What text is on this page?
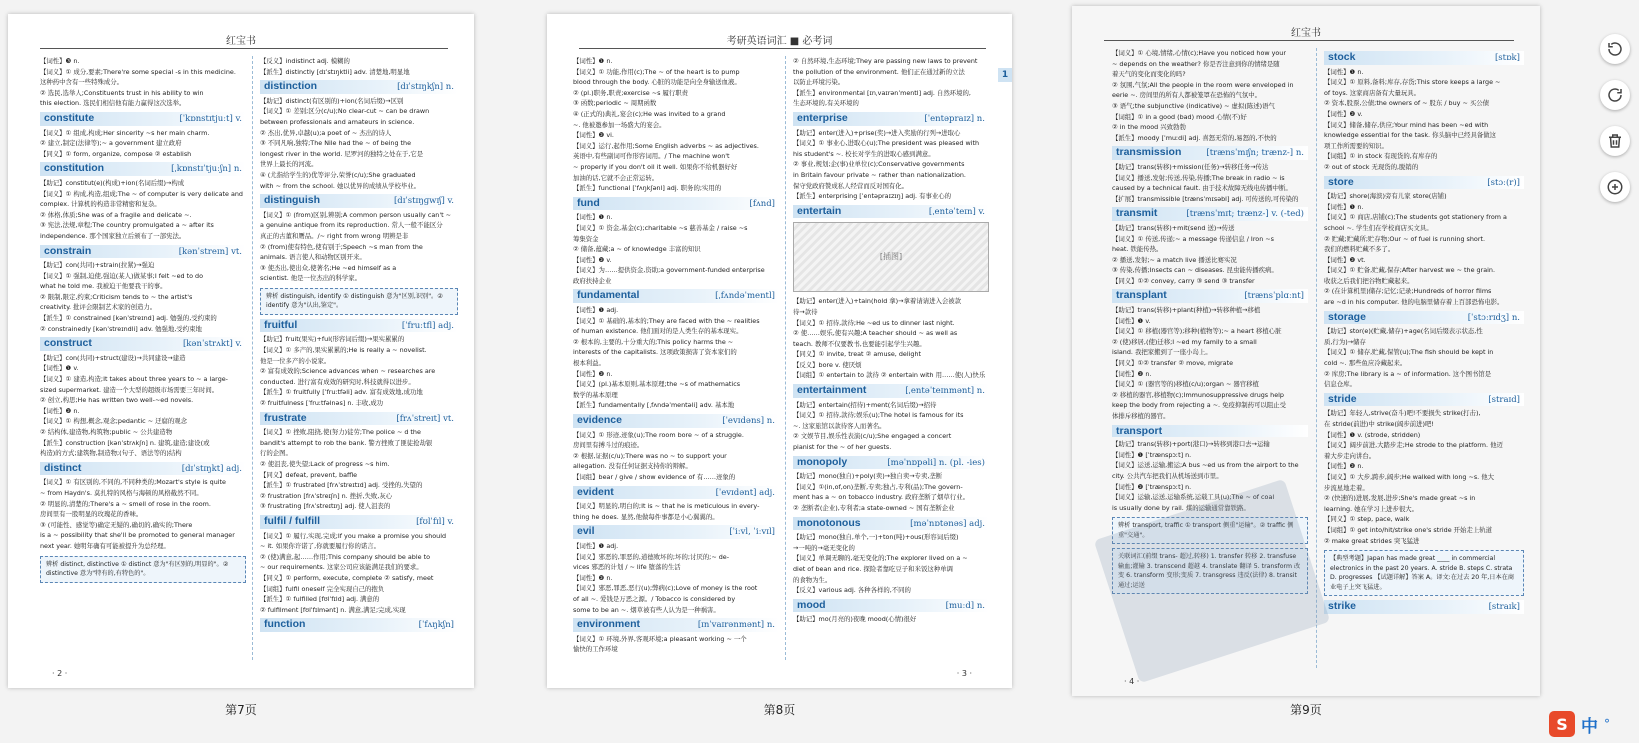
红宝书
【词性】❸ n.
【词义】① 成分,要素;There're some special -s in this medicine.
这种药中含有一些特殊成分。
② 选民,选举人;Constituents trust in his ability to win
this election. 选民们相信他有能力赢得这次选举。
constitute	[ˈkɒnstɪtjuːt] v.
【词义】① 组成,构成;Her sincerity ~s her main charm.
② 建立,制定(法律等);~ a government 建立政府
【同义】① form, organize, compose ② establish
constitution	[ˌkɒnstɪˈtjuːʃn] n.
【助记】constitut(e)(构成)+ion(名词后缀)→构成
【词义】① 构成,构造,组成;The ~ of computer is very delicate and
complex. 计算机的构造非常精密和复杂。
② 体格,体质;She was of a fragile and delicate ~.
③ 宪法,法规,章程;The country promulgated a ~ after its
independence. 那个国家独立后颁布了一部宪法。
constrain	[kənˈstreɪn] vt.
【助记】con(共同)+strain(拉紧)→强迫
【词义】① 强制,迫使,强迫(某人)做某事;I felt ~ed to do
what he told me. 我被迫干他要我干的事。
② 限制,限定,约束;Criticism tends to ~ the artist's
creativity. 批评会限制艺术家的创造力。
【派生】① constrained [kənˈstreɪnd] adj. 勉强的,受约束的
② constrainedly [kənˈstreɪndli] adv. 勉强地,受约束地
construct	[kənˈstrʌkt] v.
【助记】con(共同)+struct(建设)→共同建设→建造
【词性】❶ v.
【词义】① 建造,构造;It takes about three years to ~ a large-
sized supermarket. 建造一个大型的超级市场需要三年时间。
② 创立,构思;He has written two well-~ed novels.
【词性】❷ n.
【词义】① 构想,概念,观念;pedantic ~ 迂腐的观念
② 结构体,建造物,构筑物;public ~ 公共建造物
【派生】construction [kənˈstrʌkʃn] n. 建筑,建造;建设(或
构造)的方式;建筑物,制造物;(句子、语法等的)结构
distinct	[dɪˈstɪŋkt] adj.
【词义】① 有区别的,不同的,不同种类的;Mozart's style is quite
~ from Haydn's. 莫扎特的风格与海顿的风格截然不同。
② 明显的,清楚的;There's a ~ smell of rose in the room.
房间里有一股明显的玫瑰花的香味。
③ (可能性、感觉等)确定无疑的,确切的,确实的;There
is a ~ possibility that she'll be promoted to general manager
next year. 她明年确有可能被提升为总经理。
辨析 distinct, distinctive ① distinct 意为"有区别的,明显的"。② distinctive 意为"特有的,有特色的"。
【反义】indistinct adj. 模糊的
【派生】distinctly [dɪˈstɪŋktli] adv. 清楚地,明显地
distinction	[dɪˈstɪŋkʃn] n.
【助记】distinct(有区别的)+ion(名词后缀)→区别
【词义】① 差别;区分(c/u);No clear-cut ~ can be drawn
between professionals and amateurs in science.
② 杰出,优异,卓越(u);a poet of ~ 杰出的诗人
③ 不同凡响,独特;The Nile had the ~ of being the
longest river in the world. 尼罗河的独特之处在于,它是
世界上最长的河流。
④ (尤指给学生的)优等评分,荣誉(c/u);She graduated
with ~ from the school. 她以优异的成绩从学校毕业。
distinguish	[dɪˈstɪŋɡwɪʃ] v.
【词义】① (from)区别,辨别;A common person usually can't ~
a genuine antique from its reproduction. 常人一般不能区分
真正的古董和赝品。/~ right from wrong 明辨是非
② (from)使有特色,使有别于;Speech ~s man from the
animals. 语言使人和动物区别开来。
③ 使杰出,使出众,使著名;He ~ed himself as a
scientist. 他是一位杰出的科学家。
辨析 distinguish, identify ① distinguish 意为"区别,识别"。② identify 意为"认出,鉴定"。
fruitful	[ˈfruːtfl] adj.
【助记】fruit(果实)+ful(形容词后缀)→果实累累的
【词义】① 多产的,果实累累的;He is really a ~ novelist.
他是一位多产的小说家。
② 富有成效的;Science advances when ~ researches are
conducted. 进行富有成效的研究时,科技就得以进步。
【派生】① fruitfully [ˈfruːtfəli] adv. 富有成效地,成功地
② fruitfulness [ˈfruːtfəlnəs] n. 丰收,成功
frustrate	[frʌˈstreɪt] vt.
【词义】① 挫败,阻挠,使(努力)徒劳;The police ~ d the
bandit's attempt to rob the bank. 警方挫败了匪徒抢劫银
行的企图。
② 使沮丧,使失望;Lack of progress ~s him.
【同义】defeat, prevent, baffle
【派生】① frustrated [frʌˈstreɪtɪd] adj. 受挫的,失望的
② frustration [frʌˈstreɪʃn] n. 挫折,失败,灰心
③ frustrating [frʌˈstreɪtɪŋ] adj. 使人沮丧的
fulfil / fulfill	[fʊlˈfɪl] v.
【词义】① 履行,实现,完成;If you make a promise you should
~ it. 如果你许诺了,你就要履行你的诺言。
② (使)满意,起……作用;This company should be able to
~ our requirements. 这家公司应该能满足我们的要求。
【同义】① perform, execute, complete ② satisfy, meet
【词组】fulfil oneself 完全实现自己的抱负
【派生】① fulfilled [fʊlˈfɪld] adj. 满意的
② fulfilment [fʊlˈfɪlmənt] n. 满意,满足;完成,实现
function	[ˈfʌŋkʃn]
· 2 ·
第7页
考研英语词汇 ■ 必考词
1
【词性】❶ n.
【词义】① 功能,作用(c);The ~ of the heart is to pump
blood through the body. 心脏的功能是向全身输送血液。
② (pl.)职务,职责;exercise ~s 履行职责
③ 函数;periodic ~ 周期函数
④ (正式的)典礼,宴会(c);He was invited to a grand
~. 他被邀参加一场盛大的宴会。
【词性】❷ vi.
【词义】运行,起作用;Some English adverbs ~ as adjectives.
英语中,有些副词可作形容词用。/ The machine won't
~ properly if you don't oil it well. 如果你不给机器好好
加油的话,它就不会正常运转。
【派生】functional [ˈfʌŋkʃənl] adj. 职务的;实用的
fund	[fʌnd]
【词性】❶ n.
【词义】① 资金,基金(c);charitable ~s 慈善基金 / raise ~s
筹集资金
② 储备,蕴藏;a ~ of knowledge 丰富的知识
【词性】❷ v.
【词义】为……提供资金,资助;a government-funded enterprise
政府扶持企业
fundamental	[ˌfʌndəˈmentl]
【词性】❶ adj.
【词义】① 基础的,基本的;They are faced with the ~ realities
of human existence. 他们面对的是人类生存的基本现实。
② 根本的,主要的,十分重大的;This policy harms the ~
interests of the capitalists. 这项政策损害了资本家们的
根本利益。
【词性】❷ n.
【词义】(pl.)基本原则,基本原理;the ~s of mathematics
数学的基本原理
【派生】fundamentally [ˌfʌndəˈmentəli] adv. 基本地
evidence	[ˈevɪdəns] n.
【词义】① 形迹,迹象(u);The room bore ~ of a struggle.
房间里有搏斗过的痕迹。
② 根据,证据(c/u);There was no ~ to support your
allegation. 没有任何证据支持你的辩解。
【词组】bear / give / show evidence of 有……迹象的
evident	[ˈevɪdənt] adj.
【词义】明显的,明白的;It is ~ that he is meticulous in every-
thing he does. 显然,他做每件事都是小心翼翼的。
evil	[ˈiːvl, ˈiːvɪl]
【词性】❶ adj.
【词义】邪恶的,罪恶的,道德败坏的;坏的;讨厌的;~ de-
vices 邪恶的计划 / ~ life 堕落的生活
【词性】❷ n.
【词义】邪恶,罪恶,恶行(u);弊病(c);Love of money is the root
of all ~. 爱钱是万恶之源。/ Tobacco is considered by
some to be an ~. 烟草被有些人认为是一种祸害。
environment	[ɪnˈvaɪrənmənt] n.
【词义】① 环境,外界,客观环境;a pleasant working ~ 一个
愉快的工作环境
② 自然环境,生态环境;They are passing new laws to prevent
the pollution of the environment. 他们正在通过新的立法
以防止环境污染。
【派生】environmental [ɪnˌvaɪrənˈmentl] adj. 自然环境的,
生态环境的,有关环境的
enterprise	[ˈentəpraɪz] n.
【助记】enter(进入)+prise(奖)→进入奖励的行列→进取心
【词义】① 事业心,进取心(u);The president was pleased with
his student's ~. 校长对学生的进取心感到满意。
② 事业,规划;企(事)业单位(c);Conservative governments
in Britain favour private ~ rather than nationalization.
保守党政府赞成私人经营而反对国有化。
【派生】enterprising [ˈentəpraɪzɪŋ] adj. 有事业心的
entertain	[ˌentəˈteɪn] v.
[插图]
【助记】enter(进入)+tain(hold 拿)→拿着请请进入会被款
待→款待
【词义】① 招待,款待;He ~ed us to dinner last night.
② 使……娱乐,使有兴趣;A teacher should ~ as well as
teach. 教师不仅要教书,也要能引起学生兴趣。
【同义】① invite, treat ② amuse, delight
【反义】bore v. 使厌烦
【词组】① entertain to 款待 ② entertain with 用……使(人)快乐
entertainment	[ˌentəˈteɪnmənt] n.
【助记】entertain(招待)+ment(名词后缀)→招待
【词义】① 招待,款待;娱乐(u);The hotel is famous for its
~. 这家旅馆以款待客人而著名。
② 文娱节目,娱乐性表演(c/u);She engaged a concert
pianist for the ~ of her guests.
monopoly	[məˈnɒpəli] n. (pl. -ies)
【助记】mono(独自)+poly(卖)→独自卖→专卖,垄断
【词义】①(in,of,on)垄断,专卖;独占,专利(品);The govern-
ment has a ~ on tobacco industry. 政府垄断了烟草行业。
② 垄断者(企业),专利者;a state-owned ~ 国有垄断企业
monotonous	[məˈnɒtənəs] adj.
【助记】mono(独自,单个,一)+ton(吨)+ous(形容词后缀)
→一吨的→毫无变化的
【词义】单调无聊的,毫无变化的;The explorer lived on a ~
diet of bean and rice. 探险者靠吃豆子和米饭这种单调
的食物为生。
【反义】various adj. 各种各样的,不同的
mood	[muːd] n.
【助记】mo(月亮的)夜晚 mood(心情)很好
· 3 ·
第8页
红宝书
【词义】① 心境,情绪,心情(c);Have you noticed how your
~ depends on the weather? 你是否注意到你的情绪是随
着天气的变化而变化的吗?
② 氛围,气氛;All the people in the room were enveloped in
eerie ~. 房间里的所有人都被笼罩在恐怖的气氛中。
③ 语气;the subjunctive (indicative) ~ 虚拟(陈述)语气
【词组】① in a good (bad) mood 心情(不)好
② in the mood 兴致勃勃
【派生】moody [ˈmuːdi] adj. 喜怒无常的,易怒的,不快的
transmission	[trænsˈmɪʃn; trænz-] n.
【助记】trans(转移)+mission(任务)→转移任务→传达
【词义】播送,发射;传送,传染,传播;The break in radio ~ is
caused by a technical fault. 由于技术故障无线电传播中断。
【扩展】transmissible [trænsˈmɪsəbl] adj. 可传送的,可传染的
transmit	[trænsˈmɪt; trænz-] v. (-ted)
【助记】trans(转移)+mit(send 送)→传送
【词义】① 传送,传递;~ a message 传递信息 / Iron ~s
heat. 铁能传热。
② 播送,发射;~ a match live 播送比赛实况
③ 传染,传播;Insects can ~ diseases. 昆虫能传播疾病。
【同义】①② convey, carry ③ send ③ transfer
transplant	[trænsˈplɑːnt]
【助记】trans(转移)+plant(种植)→转移种植→移植
【词性】❶ v.
【词义】① 移植(器官等);移种(植物等);~ a heart 移植心脏
② (使)移居,(使)迁移;I ~ed my family to a small
island. 我把家搬到了一座小岛上。
【同义】①② transfer ② move, migrate
【词性】❷ n.
【词义】① (器官等的)移植(c/u);organ ~ 器官移植
② 移植的器官,移植物(c);Immunosuppressive drugs help
keep the body from rejecting a ~. 免疫抑制药可以阻止受
体排斥移植的器官。
transport
【助记】trans(转移)+port(港口)→转移到港口去→运输
【词性】❶ [ˈtrænspɔːt] n.
【词义】运送,运输,搬运;A bus ~ed us from the airport to the
city. 公共汽车把我们从机场送到市里。
【词性】❷ [ˈtrænspɔːt] n.
【词义】运输,运送,运输系统,运载工具(u);The ~ of coal
is usually done by rail. 煤的运输通常靠铁路。
辨析 transport, traffic ① transport 侧重"运输"。② traffic 侧重"交通"。
关联词汇(前缀 trans- 超过,转移) 1. transfer 转移 2. transfuse 输血;灌输 3. transcend 超越 4. translate 翻译 5. transform 改变 6. transform 变形;变质 7. transgress 违反(法律) 8. transit 通过;运送
stock	[stɒk]
【词性】❶ n.
【词义】① 原料,备料;库存,存货;This store keeps a large ~
of toys. 这家商店备有大量玩具。
② 资本,股票,公债;the owners of ~ 股东 / buy ~ 买公债
【词性】❷ v.
【词义】储备,储存,供应;Your mind has been ~ed with
knowledge essential for the task. 你头脑中已经具备做这
项工作所需要的知识。
【词组】① in stock 有现货的,有库存的
② out of stock 无现货的,脱销的
store	[stɔː(r)]
【助记】shore(海滨)旁有儿家 store(店铺)
【词性】❶ n.
【词义】① 商店,店铺(c);The students got stationery from a
school ~. 学生们在学校商店买文具。
② 贮藏;贮藏所;贮存物;Our ~ of fuel is running short.
我们的燃料贮藏不多了。
【词性】❷ vt.
【词义】① 贮备,贮藏,保存;After harvest we ~ the grain.
收获之后我们把谷物贮藏起来。
② (在计算机里)储存;记忆;记录;Hundreds of horror films
are ~d in his computer. 他的电脑里储存着上百部恐怖电影。
storage	[ˈstɔːrɪdʒ] n.
【助记】stor(e)(贮藏,储存)+age(名词后缀表示状态,性
质,行为)→储存
【词义】① 储存,贮藏,保管(u);The fish should be kept in
cold ~. 那些鱼应冷藏起来。
② 库房;The library is a ~ of information. 这个图书馆是
信息仓库。
stride	[straɪd]
【助记】年轻人,strive(奋斗)吧!不要损失 strike(打击),
在 stride(前进)中 strike(阔步前进)吧!
【词性】❶ v. (strode, stridden)
【词义】阔步前进,大踏步走;He strode to the platform. 他迈
着大步走向讲台。
【词性】❷ n.
【词义】① 大步,跨步,阔步;He walked with long ~s. 他大
步流星地走着。
② (快速的)进展,发展,进步;She's made great ~s in
learning. 她在学习上进步很大。
【同义】① step, pace, walk
【词组】① get into/hit/strike one's stride 开始走上轨道
② make great strides 突飞猛进
【典型考题】Japan has made great ____ in commercial electronics in the past 20 years. A. stride B. steps C. strata D. progresses 【试题详解】答案 A。译文:在过去 20 年,日本在商业电子上突飞猛进。
strike	[straɪk]
· 4 ·
第9页
S 中 °
